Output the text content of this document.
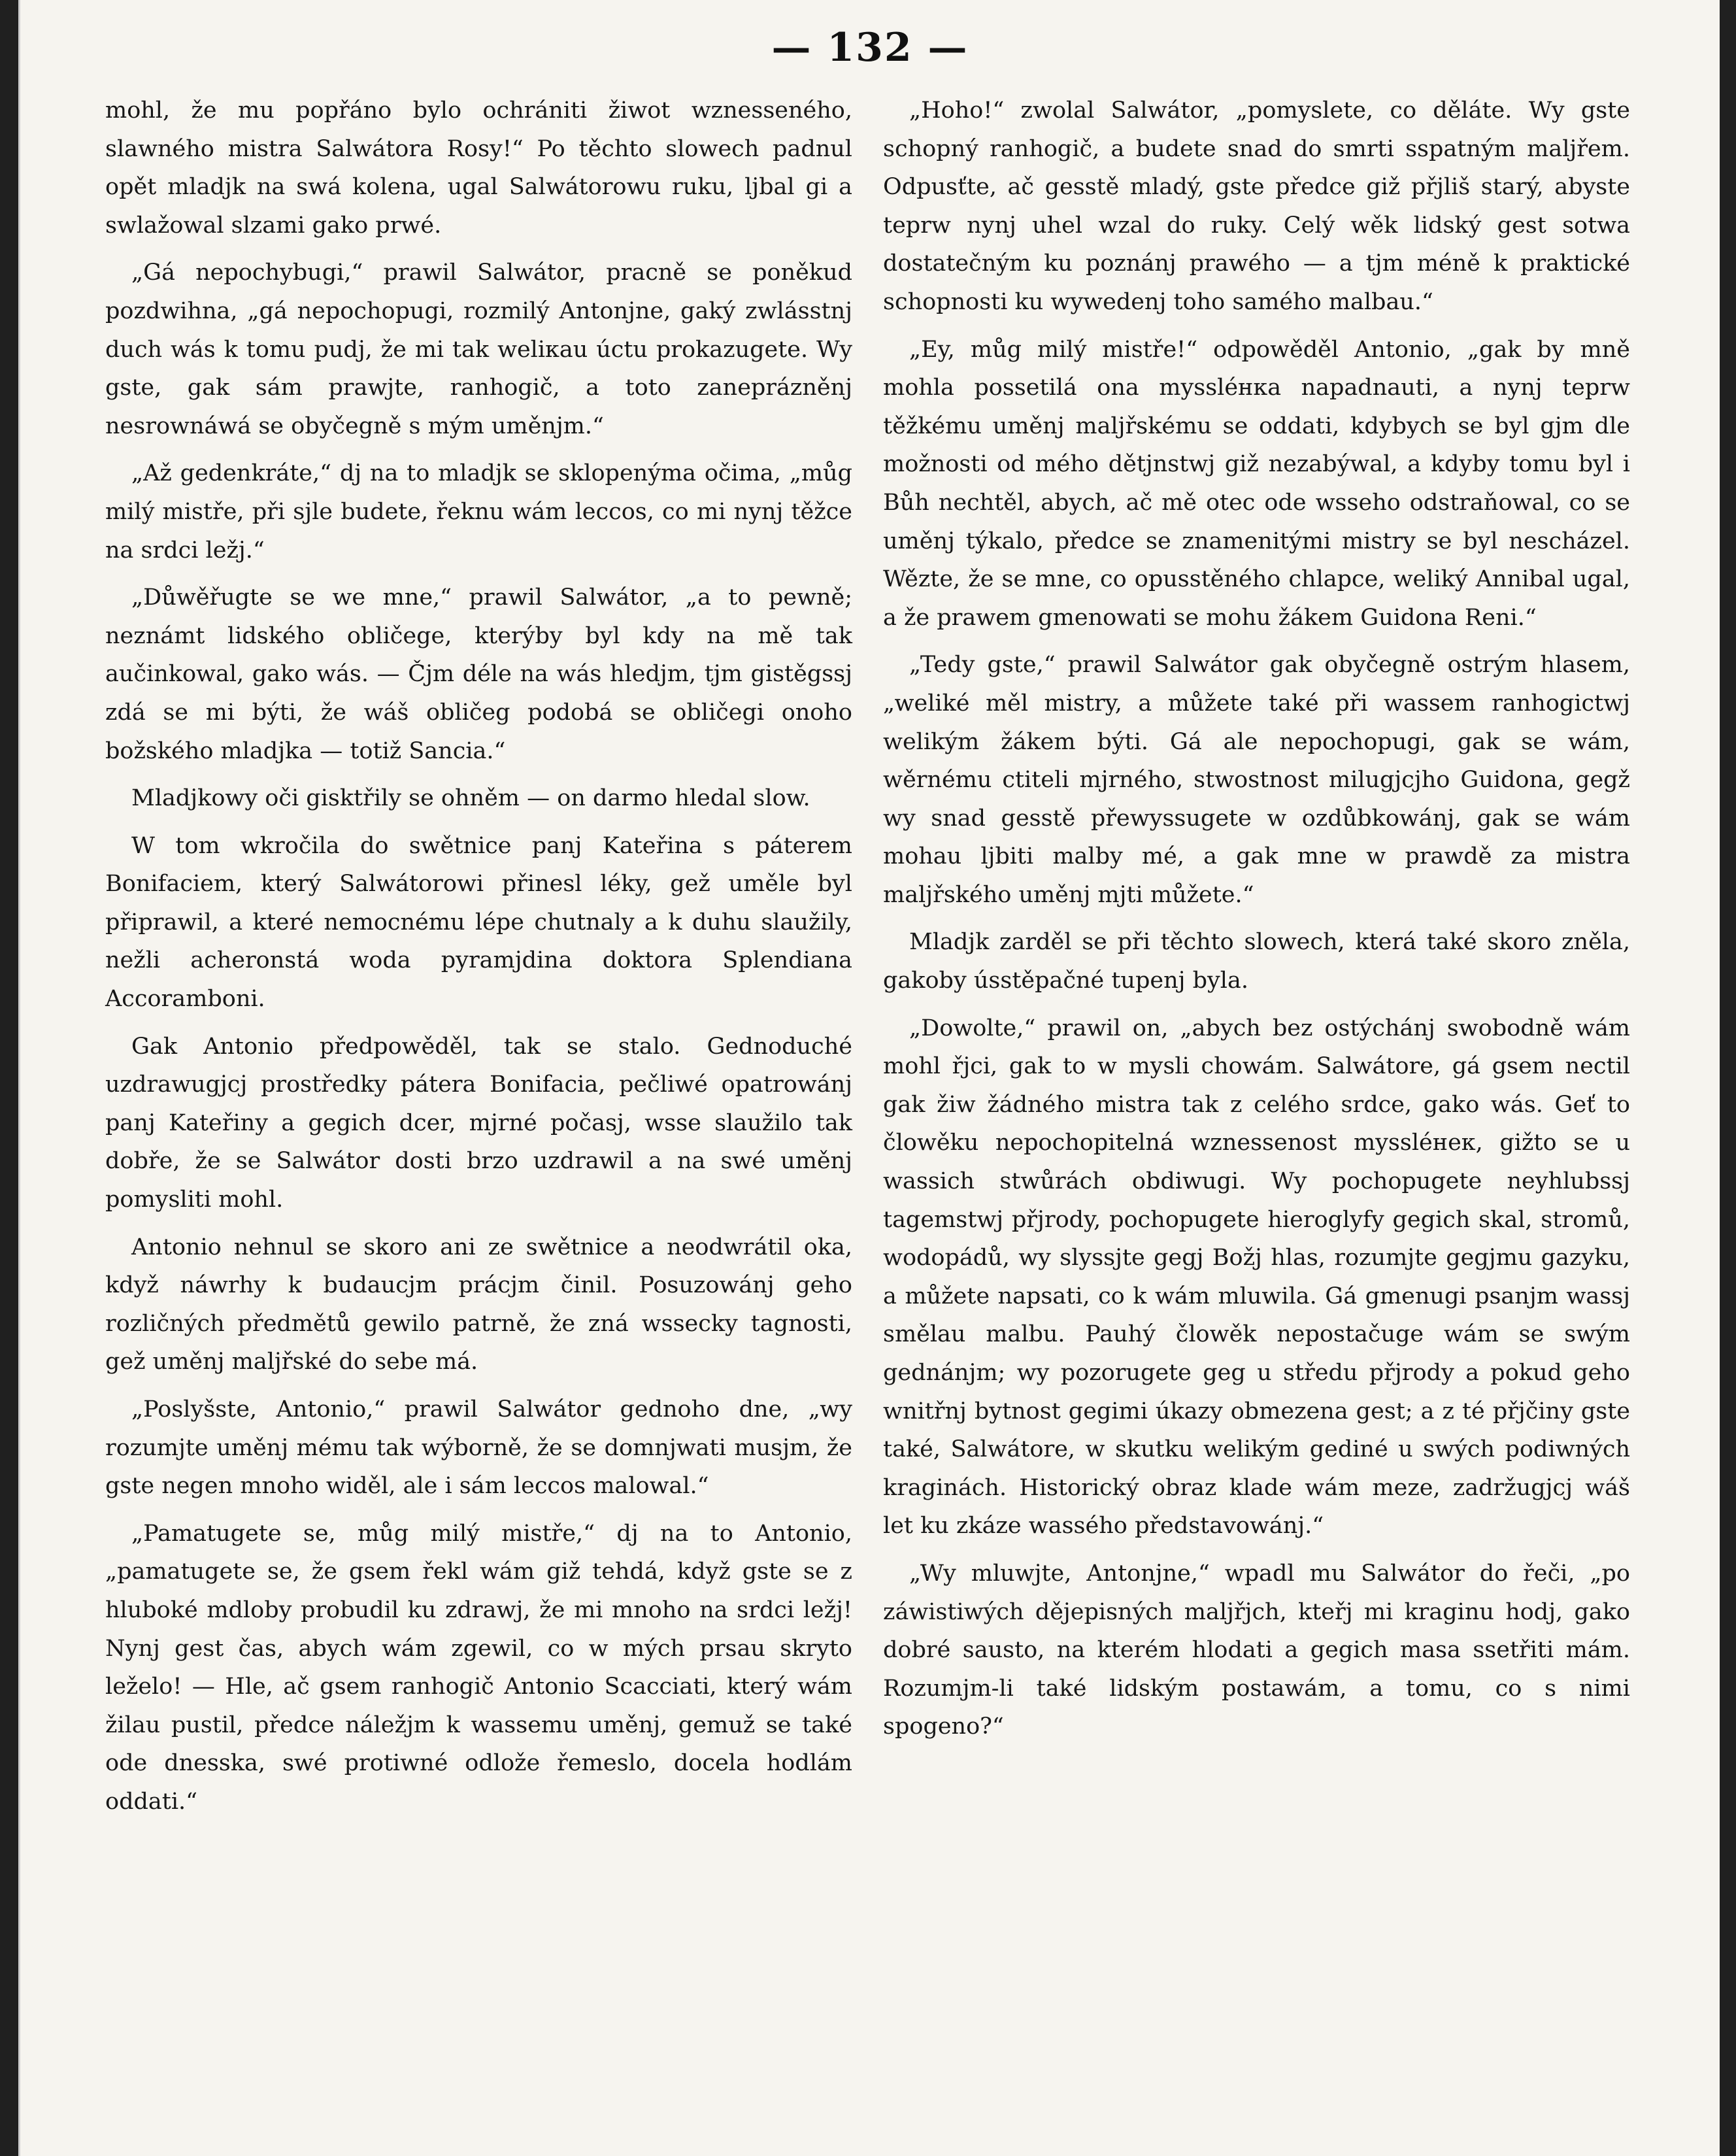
— 132 —

mohl, že mu popřáno bylo ochrániti žiwot wznesseného, slawného mistra Salwátora Rosy!“ Po těchto slowech padnul opět mladjk na swá kolena, ugal Salwátorowu ruku, ljbal gi a swlažowal slzami gako prwé.

„Gá nepochybugi,“ prawil Salwátor, pracně se poněkud pozdwihna, „gá nepochopugi, rozmilý Antonjne, gaký zwlásstnj duch wás k tomu pudj, že mi tak weliкau úctu prokazugete. Wy gste, gak sám prawjte, ranhogič, a toto zaneprázněnj nesrownáwá se obyčegně s mým uměnjm.“

„Až gedenkráte,“ dj na to mladjk se sklopenýma očima, „můg milý mistře, při sjle budete, řeknu wám leccos, co mi nynj těžce na srdci ležj.“

„Důwěřugte se we mne,“ prawil Salwátor, „a to pewně; neznámt lidského obličege, kterýby byl kdy na mě tak aučinkowal, gako wás. — Čjm déle na wás hledjm, tjm gistěgssj zdá se mi býti, že wáš obličeg podobá se obličegi onoho božského mladjka — totiž Sancia.“

Mladjkowy oči gisktřily se ohněm — on darmo hledal slow.

W tom wkročila do swětnice panj Kateřina s páterem Bonifaciem, který Salwátorowi přinesl léky, gež uměle byl připrawil, a které nemocnému lépe chutnaly a k duhu slaužily, nežli acheronstá woda pyramjdina doktora Splendiana Accoramboni.

Gak Antonio předpowěděl, tak se stalo. Gednoduché uzdrawugjcj prostředky pátera Bonifacia, pečliwé opatrowánj panj Kateřiny a gegich dcer, mjrné počasj, wsse slaužilo tak dobře, že se Salwátor dosti brzo uzdrawil a na swé uměnj pomysliti mohl.

Antonio nehnul se skoro ani ze swětnice a neodwrátil oka, když náwrhy k budaucjm prácjm činil. Posuzowánj geho rozličných předmětů gewilo patrně, že zná wssecky tagnosti, gež uměnj maljřské do sebe má.

„Poslyšste, Antonio,“ prawil Salwátor gednoho dne, „wy rozumjte uměnj mému tak wýborně, že se domnjwati musjm, že gste negen mnoho widěl, ale i sám leccos malowal.“

„Pamatugete se, můg milý mistře,“ dj na to Antonio, „pamatugete se, že gsem řekl wám giž tehdá, když gste se z hluboké mdloby probudil ku zdrawj, že mi mnoho na srdci ležj! Nynj gest čas, abych wám zgewil, co w mých prsau skryto leželo! — Hle, ač gsem ranhogič Antonio Scacciati, který wám žilau pustil, předce náležjm k wassemu uměnj, gemuž se také ode dnesska, swé protiwné odlože řemeslo, docela hodlám oddati.“

„Hoho!“ zwolal Salwátor, „pomyslete, co děláte. Wy gste schopný ranhogič, a budete snad do smrti sspatným maljřem. Odpusťte, ač gesstě mladý, gste předce giž přjliš starý, abyste teprw nynj uhel wzal do ruky. Celý wěk lidský gest sotwa dostatečným ku poznánj prawého — a tjm méně k praktické schopnosti ku wywedenj toho samého malbau.“

„Ey, můg milý mistře!“ odpowěděl Antonio, „gak by mně mohla possetilá ona myssléнка napadnauti, a nynj teprw těžkému uměnj maljřskému se oddati, kdybych se byl gjm dle možnosti od mého dětjnstwj giž nezabýwal, a kdyby tomu byl i Bůh nechtěl, abych, ač mě otec ode wsseho odstraňowal, co se uměnj týkalo, předce se znamenitými mistry se byl nescházel. Wězte, že se mne, co opusstěného chlapce, weliký Annibal ugal, a že prawem gmenowati se mohu žákem Guidona Reni.“

„Tedy gste,“ prawil Salwátor gak obyčegně ostrým hlasem, „weliké měl mistry, a můžete také při wassem ranhogictwj welikým žákem býti. Gá ale nepochopugi, gak se wám, wěrnému ctiteli mjrného, stwostnost milugjcjho Guidona, gegž wy snad gesstě přewyssugete w ozdůbkowánj, gak se wám mohau ljbiti malby mé, a gak mne w prawdě za mistra maljřského uměnj mjti můžete.“

Mladjk zarděl se při těchto slowech, která také skoro zněla, gakoby ússtěpačné tupenj byla.

„Dowolte,“ prawil on, „abych bez ostýchánj swobodně wám mohl řjci, gak to w mysli chowám. Salwátore, gá gsem nectil gak žiw žádného mistra tak z celého srdce, gako wás. Geť to člowěku nepochopitelná wznessenost myssléнек, gižto se u wassich stwůrách obdiwugi. Wy pochopugete neyhlubssj tagemstwj přjrody, pochopugete hieroglyfy gegich skal, stromů, wodopádů, wy slyssjte gegj Božj hlas, rozumjte gegjmu gazyku, a můžete napsati, co k wám mluwila. Gá gmenugi psanjm wassj smělau malbu. Pauhý člowěk nepostačuge wám se swým gednánjm; wy pozorugete geg u středu přjrody a pokud geho wnitřnj bytnost gegimi úkazy obmezena gest; a z té přjčiny gste také, Salwátore, w skutku welikým gediné u swých podiwných kraginách. Historický obraz klade wám meze, zadržugjcj wáš let ku zkáze wassého představowánj.“

„Wy mluwjte, Antonjne,“ wpadl mu Salwátor do řeči, „po záwistiwých dějepisných maljřjch, kteřj mi kraginu hodj, gako dobré sausto, na kterém hlodati a gegich masa ssetřiti mám. Rozumjm-li také lidským postawám, a tomu, co s nimi spogeno?“
